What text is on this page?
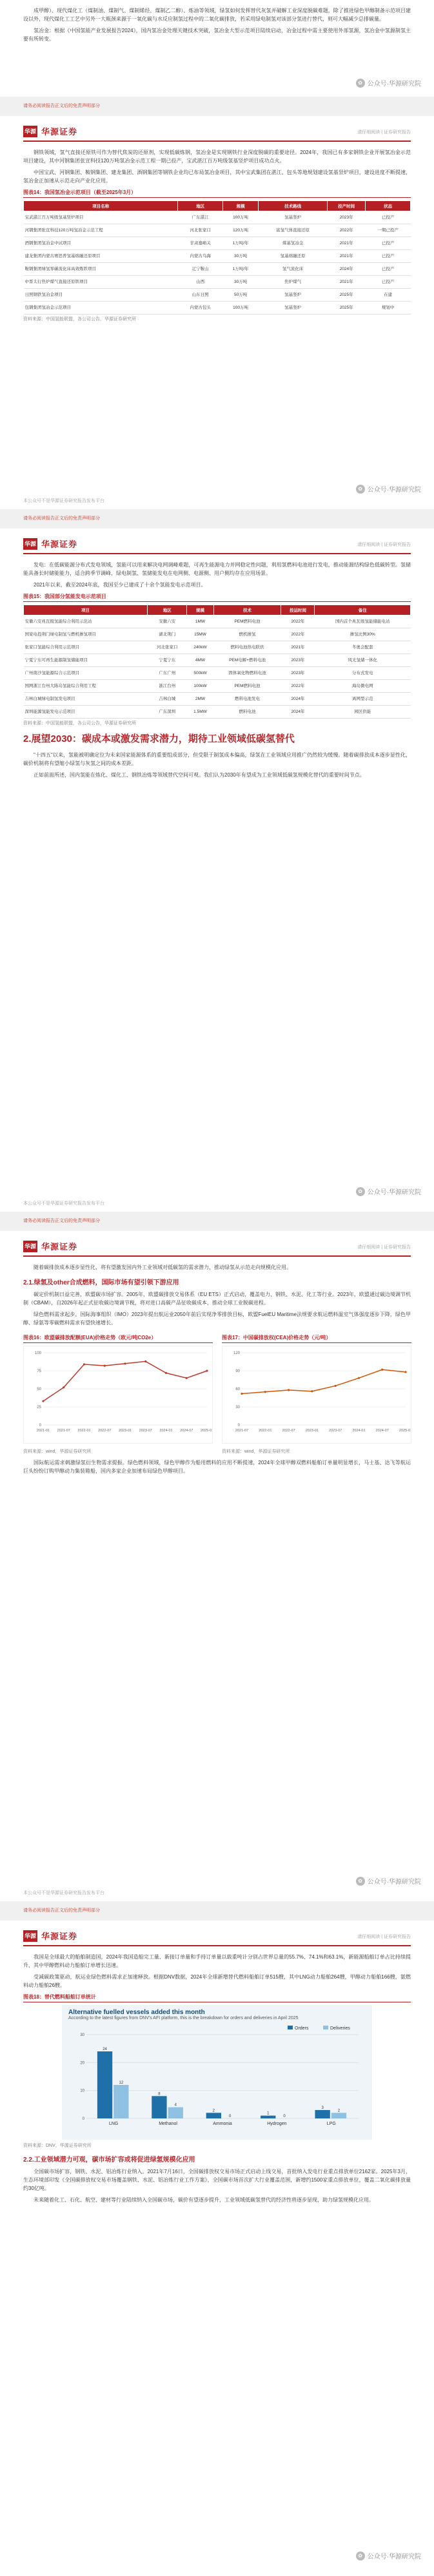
成甲醇）、现代煤化工（煤制油、煤制气、煤制烯烃、煤制乙二醇）、炼油等领域，绿氢如何发挥替代灰氢并破解工业深度脱碳难题，除了推进绿色甲醇制备示范项目建设以外，现代煤化工工艺中另外一大瓶颈来源于一氧化碳与水反应制氢过程中的二氧化碳排放，若采用绿电制氢对该部分氢进行替代，则可大幅减少总排碳量。

氢冶金：根据《中国氢能产业发展报告2024》，国内氢冶金处理关键技术突破，氢冶金大型示范项目陆续启动，冶金过程中需主要使用外部氢源，氢冶金中氢源制氢主要有所转变。

✿ 公众号·华源研究院
请务必阅读报告正文后的免责声明部分
华源 华源证券	请仔细阅读 | 证券研究报告

钢铁领域，氢气直接还原铁可作为替代焦炭的还原剂，实现低碳炼钢，氢冶金是实现钢铁行业深度脱碳的重要途径。2024年，我国已有多家钢铁企业开展氢冶金示范项目建设，其中河钢集团张宣科技120万吨氢冶金示范工程一期已投产，宝武湛江百万吨级氢基竖炉项目成功点火。

中国宝武、河钢集团、鞍钢集团、建龙集团、酒钢集团等钢铁企业均已布局氢冶金项目，其中宝武集团在湛江、包头等地规划建设氢基竖炉项目，建设进度不断提速，氢冶金正加速从示范走向产业化应用。

图表14：我国氢冶金示范项目（截至2025年3月）
项目名称	地区	规模	技术路线	投产时间	状态
宝武湛江百万吨级氢基竖炉项目	广东湛江	100万吨	氢基竖炉	2023年	已投产
河钢集团张宣科技120万吨氢冶金示范工程	河北张家口	120万吨	富氢气体直接还原	2022年	一期已投产
酒钢集团氢冶金中试项目	甘肃嘉峪关	1万吨/年	煤基氢冶金	2021年	已投产
建龙集团内蒙古赛思普氢基熔融还原项目	内蒙古乌海	30万吨	氢基熔融还原	2021年	已投产
鞍钢集团绿氢零碳流化床高效炼铁项目	辽宁鞍山	1万吨/年	氢气流化床	2024年	已投产
中晋太行焦炉煤气直接还原铁项目	山西	30万吨	焦炉煤气	2021年	已投产
日照钢铁氢冶金项目	山东日照	50万吨	氢基竖炉	2025年	在建
包钢集团氢冶金示范项目	内蒙古包头	100万吨	氢基竖炉	2025年	规划中
资料来源：中国氢能联盟，各公司公告，华源证券研究所
本公众号不是华源证券研究报告发布平台
✿ 公众号·华源研究院
请务必阅读报告正文后的免责声明部分
华源 华源证券	请仔细阅读 | 证券研究报告

发电：在低碳能源分布式发电领域，氢能可以用来解决电网调峰难题，可再生能源电力并网稳定性问题，利用氢燃料电池进行发电，推动能源结构绿色低碳转型。氢储能具备长时储能能力，适合跨季节调峰，绿电制氢、氢储能发电在电网侧、电源侧、用户侧均存在应用场景。

2021年以来，截至2024年底，我国至少已建成了十余个氢能发电示范项目。

图表15：我国部分氢能发电示范项目
项目	地区	规模	技术	投运时间	备注
安徽六安兆瓦级氢能综合利用示范站	安徽六安	1MW	PEM燃料电池	2022年	国内首个兆瓦级氢能储能电站
国家电投荆门绿电制氢与燃机掺氢项目	湖北荆门	15MW	燃机掺氢	2022年	掺氢比例30%
张家口氢能综合利用示范项目	河北张家口	240kW	燃料电池热电联供	2021年	冬奥会配套
宁夏宁东可再生能源制氢储能项目	宁夏宁东	4MW	PEM电解+燃料电池	2023年	风光氢储一体化
广州南沙氢能源综合示范项目	广东广州	500kW	固体氧化物燃料电池	2023年	分布式发电
国网浙江台州大陈岛氢能综合利用工程	浙江台州	100kW	PEM燃料电池	2022年	海岛微电网
吉林白城绿电制氢发电项目	吉林白城	2MW	燃料电池发电	2024年	离网型示范
深圳能源氢能发电示范项目	广东深圳	1.5MW	燃料电池	2024年	园区供能
资料来源：中国氢能联盟，各公司公告，华源证券研究所
2.展望2030：碳成本或激发需求潜力，期待工业领域低碳氢替代

"十四五"以来，氢能被明确定位为未来国家能源体系的重要组成部分，但受限于制氢成本偏高，绿氢在工业领域应用推广仍然较为缓慢。随着碳排放成本逐步显性化，碳价机制将有望缩小绿氢与灰氢之间的成本差距。

正如前面所述，国内氢能在炼化、煤化工、钢铁冶炼等领域替代空间可观。我们认为2030年有望成为工业领域低碳氢规模化替代的重要时间节点。

本公众号不是华源证券研究报告发布平台
✿ 公众号·华源研究院
请务必阅读报告正文后的免责声明部分
华源 华源证券	请仔细阅读 | 证券研究报告

随着碳排放成本逐步显性化，将有望激发国内外工业领域对低碳氢的需求潜力，推动绿氢从示范走向规模化应用。

2.1.绿氢及other合成燃料，国际市场有望引领下游应用

碳定价机制日益完善，欧盟碳市场扩容。2005年，欧盟碳排放交易体系（EU ETS）正式启动，覆盖电力、钢铁、水泥、化工等行业。2023年，欧盟通过碳边境调节机制（CBAM），自2026年起正式征收碳边境调节税，将对进口高碳产品征收碳成本，推动全球工业脱碳进程。

绿色燃料需求起步。国际海事组织（IMO）2023年提出航运业2050年前后实现净零排放目标，欧盟FuelEU Maritime法规要求航运燃料温室气体强度逐步下降，绿色甲醇、绿氨等零碳燃料需求有望快速增长。

图表16：欧盟碳排放配额(EUA)价格走势（欧元/吨CO2e）
0
25
50
75
100
2021-01 2021-07 2022-01 2022-07 2023-01 2023-07 2024-01 2024-07 2025-01
资料来源：wind，华源证券研究所
图表17：中国碳排放权(CEA)价格走势（元/吨）
0
30
60
90
120
2021-07	2022-01	2022-07	2023-01	2023-07	2024-01	2024-07	2025-01
资料来源：wind，华源证券研究所

国际航运需求刺激绿氢衍生物需求提振。绿色燃料领域，绿色甲醇作为船用燃料的应用不断提速，2024年全球甲醇双燃料船舶订单量明显增长，马士基、达飞等航运巨头纷纷订购甲醇动力集装箱船，国内多家企业加速布局绿色甲醇项目。

本公众号不是华源证券研究报告发布平台
✿ 公众号·华源研究院
请务必阅读报告正文后的免责声明部分
华源 华源证券	请仔细阅读 | 证券研究报告

我国是全球最大的船舶制造国，2024年我国造船完工量、新接订单量和手持订单量以载重吨计分别占世界总量的55.7%、74.1%和63.1%，新能源船舶订单占比持续提升，其中甲醇燃料动力船舶订单增长迅速。

受减碳政策驱动，航运业绿色燃料需求正加速释放。根据DNV数据，2024年全球新增替代燃料船舶订单515艘，其中LNG动力船舶264艘，甲醇动力船舶166艘，氨燃料动力船舶26艘。

图表18：替代燃料船舶订单统计
Alternative fuelled vessels added this month
According to the latest figures from DNV's AFI platform, this is the breakdown for orders and deliveries in April 2025
0
10
20
30
24
12
LNG
8
4
Methanol
2
0
Ammonia
1
0
Hydrogen
3
2
LPG
Orders	Deliveries
资料来源：DNV，华源证券研究所
2.2.工业领域潜力可观，碳市场扩容或将促进绿氢规模化应用

全国碳市场扩容，钢铁、水泥、铝冶炼行业纳入。2021年7月16日，全国碳排放权交易市场正式启动上线交易，首批纳入发电行业重点排放单位2162家。2025年3月，生态环境部印发《全国碳排放权交易市场覆盖钢铁、水泥、铝冶炼行业工作方案》，全国碳市场首次扩大行业覆盖范围，新增约1500家重点排放单位，覆盖二氧化碳排放量约30亿吨。

未来随着化工、石化、航空、建材等行业陆续纳入全国碳市场，碳价有望逐步提升，工业领域低碳氢替代的经济性将逐步显现，助力绿氢规模化应用。

✿ 公众号·华源研究院
